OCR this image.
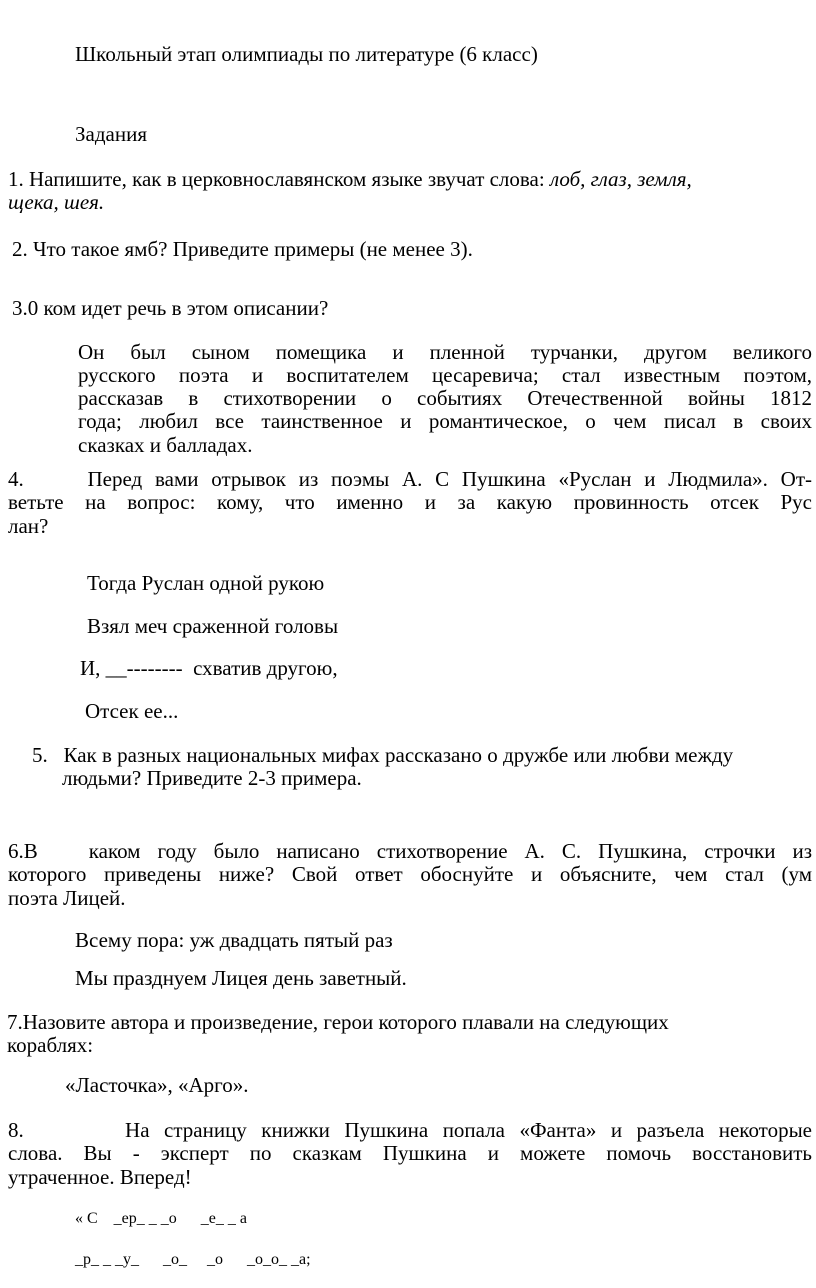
Школьный этап олимпиады по литературе (6 класс)
Задания
1. Напишите, как в церковнославянском языке звучат слова: лоб, глаз, земля,
щека, шея.
2. Что такое ямб? Приведите примеры (не менее 3).
3.0 ком идет речь в этом описании?
Он был сыном помещика и пленной турчанки, другом великого
русского поэта и воспитателем цесаревича; стал известным поэтом,
рассказав в стихотворении о событиях Отечественной войны 1812
года; любил все таинственное и романтическое, о чем писал в своих
сказках и балладах.
4.     Перед вами отрывок из поэмы А. С Пушкина «Руслан и Людмила». От-
ветьте на вопрос: кому, что именно и за какую провинность отсек Рус
лан?
Тогда Руслан одной рукою
Взял меч сраженной головы
И, __--------  схватив другою,
Отсек ее...
5.   Как в разных национальных мифах рассказано о дружбе или любви между
людьми? Приведите 2-3 примера.
6.В   каком году было написано стихотворение А. С. Пушкина, строчки из
которого приведены ниже? Свой ответ обоснуйте и объясните, чем стал (ум
поэта Лицей.
Всему пора: уж двадцать пятый раз
Мы празднуем Лицея день заветный.
7.Назовите автора и произведение, герои которого плавали на следующих
кораблях:
«Ласточка», «Арго».
8.       На страницу книжки Пушкина попала «Фанта» и разъела некоторые
слова. Вы - эксперт по сказкам Пушкина и можете помочь восстановить
утраченное. Вперед!
« С    _ер_ _ _о      _е_ _ а
_р_ _ _у_      _о_     _о      _о_о_ _а;
